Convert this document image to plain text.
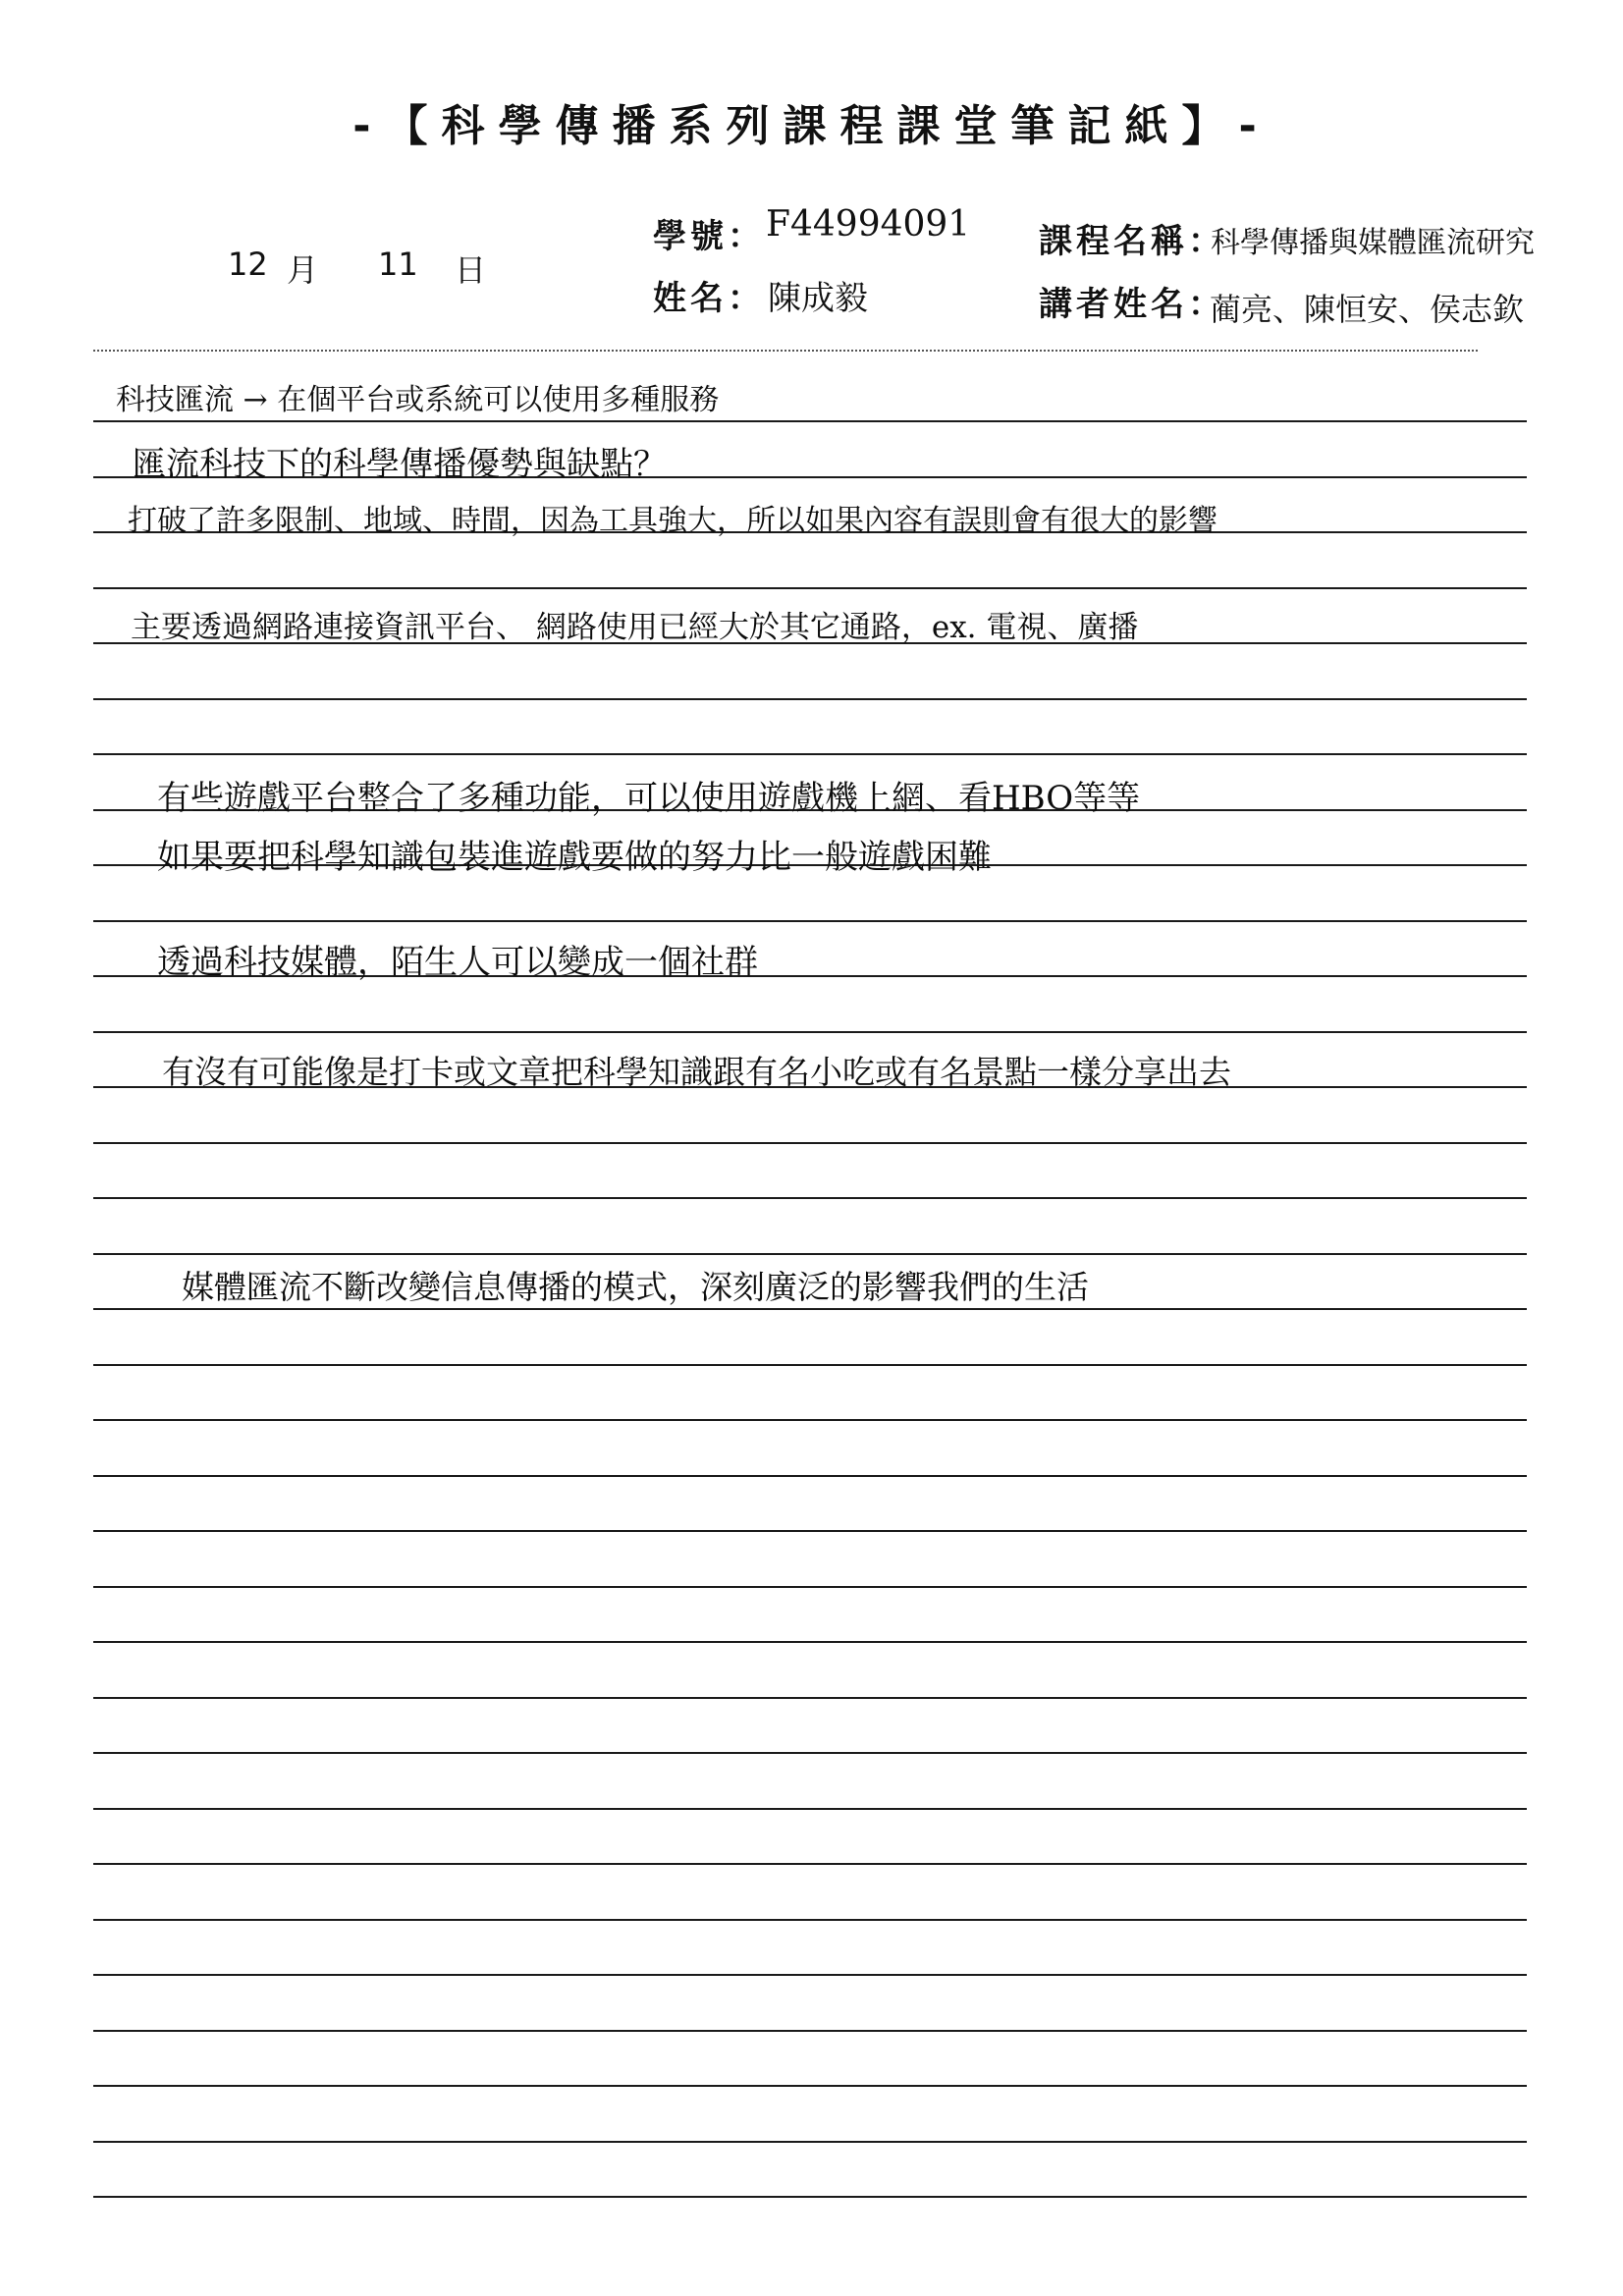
-【科學傳播系列課程課堂筆記紙】-
12 月 11 日
學號： F44994091
姓名： 陳成毅
課程名稱：
科學傳播與媒體匯流研究
講者姓名：
蔺亮、陳恒安、侯志欽
科技匯流 → 在個平台或系統可以使用多種服務
匯流科技下的科學傳播優勢與缺點？
打破了許多限制、地域、時間，因為工具強大，所以如果內容有誤則會有很大的影響
主要透過網路連接資訊平台、 網路使用已經大於其它通路，ex. 電視、廣播
有些遊戲平台整合了多種功能，可以使用遊戲機上網、看HBO等等
如果要把科學知識包裝進遊戲要做的努力比一般遊戲困難
透過科技媒體，陌生人可以變成一個社群
有沒有可能像是打卡或文章把科學知識跟有名小吃或有名景點一樣分享出去
媒體匯流不斷改變信息傳播的模式，深刻廣泛的影響我們的生活
